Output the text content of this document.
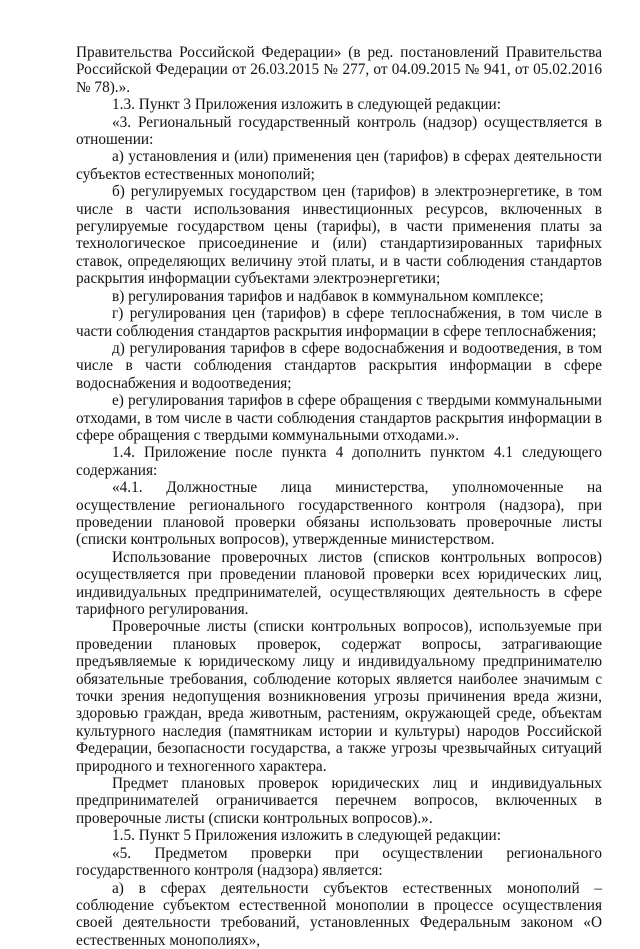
Правительства Российской Федерации» (в ред. постановлений Правительства Российской Федерации от 26.03.2015 № 277, от 04.09.2015 № 941, от 05.02.2016 № 78).».

1.3. Пункт 3 Приложения изложить в следующей редакции:

«3. Региональный государственный контроль (надзор) осуществляется в отношении:

а) установления и (или) применения цен (тарифов) в сферах деятельности субъектов естественных монополий;

б) регулируемых государством цен (тарифов) в электроэнергетике, в том числе в части использования инвестиционных ресурсов, включенных в регулируемые государством цены (тарифы), в части применения платы за технологическое присоединение и (или) стандартизированных тарифных ставок, определяющих величину этой платы, и в части соблюдения стандартов раскрытия информации субъектами электроэнергетики;

в) регулирования тарифов и надбавок в коммунальном комплексе;

г) регулирования цен (тарифов) в сфере теплоснабжения, в том числе в части соблюдения стандартов раскрытия информации в сфере теплоснабжения;

д) регулирования тарифов в сфере водоснабжения и водоотведения, в том числе в части соблюдения стандартов раскрытия информации в сфере водоснабжения и водоотведения;

е) регулирования тарифов в сфере обращения с твердыми коммунальными отходами, в том числе в части соблюдения стандартов раскрытия информации в сфере обращения с твердыми коммунальными отходами.».

1.4. Приложение после пункта 4 дополнить пунктом 4.1 следующего содержания:

«4.1. Должностные лица министерства, уполномоченные на осуществление регионального государственного контроля (надзора), при проведении плановой проверки обязаны использовать проверочные листы (списки контрольных вопросов), утвержденные министерством.

Использование проверочных листов (списков контрольных вопросов) осуществляется при проведении плановой проверки всех юридических лиц, индивидуальных предпринимателей, осуществляющих деятельность в сфере тарифного регулирования.

Проверочные листы (списки контрольных вопросов), используемые при проведении плановых проверок, содержат вопросы, затрагивающие предъявляемые к юридическому лицу и индивидуальному предпринимателю обязательные требования, соблюдение которых является наиболее значимым с точки зрения недопущения возникновения угрозы причинения вреда жизни, здоровью граждан, вреда животным, растениям, окружающей среде, объектам культурного наследия (памятникам истории и культуры) народов Российской Федерации, безопасности государства, а также угрозы чрезвычайных ситуаций природного и техногенного характера.

Предмет плановых проверок юридических лиц и индивидуальных предпринимателей ограничивается перечнем вопросов, включенных в проверочные листы (списки контрольных вопросов).».

1.5. Пункт 5 Приложения изложить в следующей редакции:

«5. Предметом проверки при осуществлении регионального государственного контроля (надзора) является:

а) в сферах деятельности субъектов естественных монополий – соблюдение субъектом естественной монополии в процессе осуществления своей деятельности требований, установленных Федеральным законом «О естественных монополиях»,
